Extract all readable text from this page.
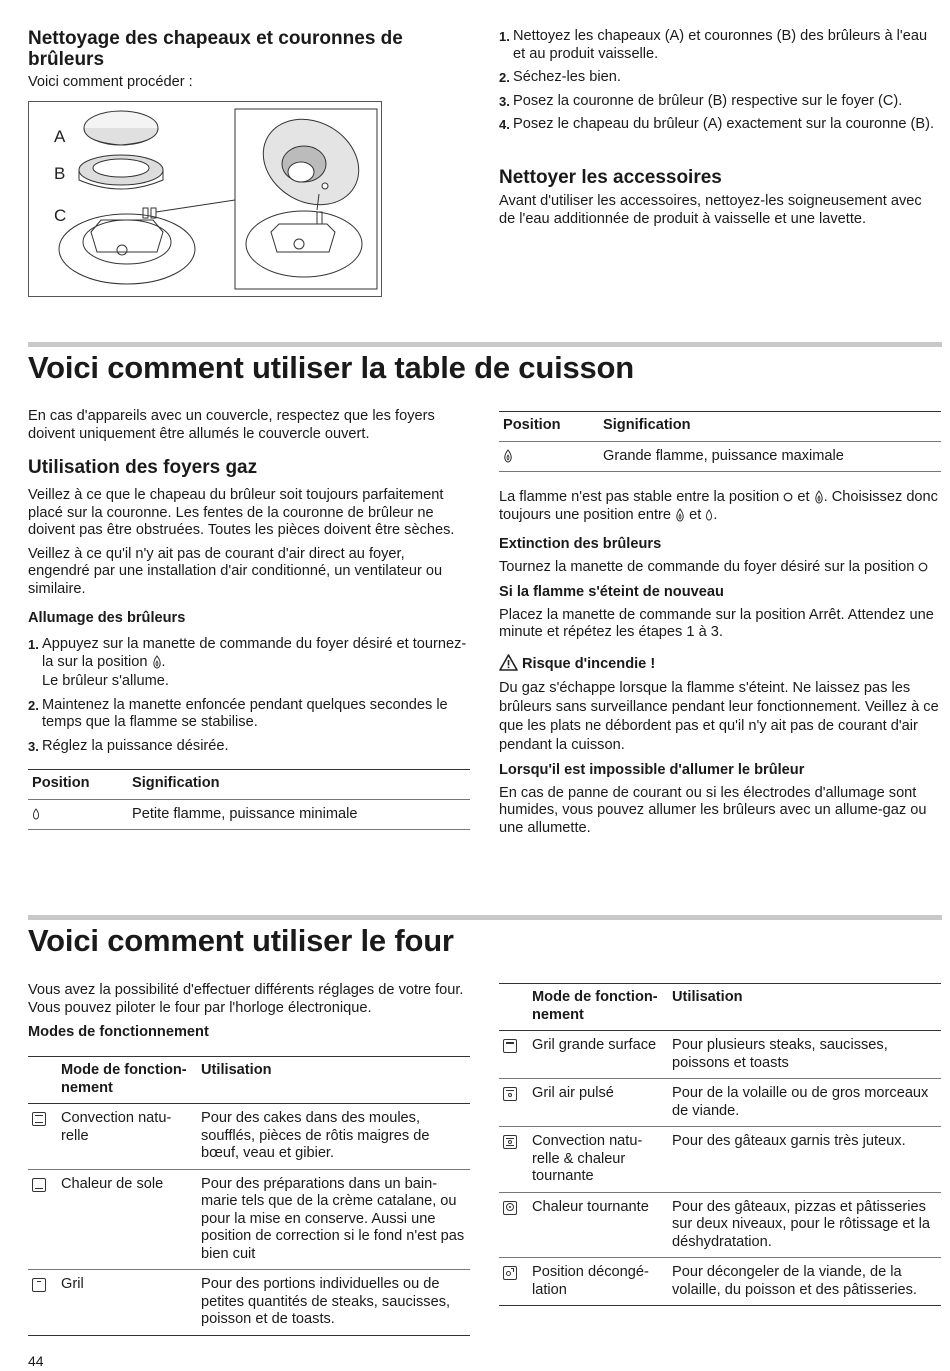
Nettoyage des chapeaux et couronnes de brûleurs
Voici comment procéder :
A
B
C
1. Nettoyez les chapeaux (A) et couronnes (B) des brûleurs à l'eau et au produit vaisselle.
2. Séchez-les bien.
3. Posez la couronne de brûleur (B) respective sur le foyer (C).
4. Posez le chapeau du brûleur (A) exactement sur la couronne (B).
Nettoyer les accessoires
Avant d'utiliser les accessoires, nettoyez-les soigneusement avec de l'eau additionnée de produit à vaisselle et une lavette.
Voici comment utiliser la table de cuisson

En cas d'appareils avec un couvercle, respectez que les foyers doivent uniquement être allumés le couvercle ouvert.

Utilisation des foyers gaz

Veillez à ce que le chapeau du brûleur soit toujours parfaitement placé sur la couronne. Les fentes de la couronne de brûleur ne doivent pas être obstruées. Toutes les pièces doivent être sèches.

Veillez à ce qu'il n'y ait pas de courant d'air direct au foyer, engendré par une installation d'air conditionné, un ventilateur ou similaire.

Allumage des brûleurs
1. Appuyez sur la manette de commande du foyer désiré et tournez-la sur la position .
Le brûleur s'allume.
2. Maintenez la manette enfoncée pendant quelques secondes le temps que la flamme se stabilise.
3. Réglez la puissance désirée.
Position	Signification
	Petite flamme, puissance minimale
Position	Signification
	Grande flamme, puissance maximale

La flamme n'est pas stable entre la position et . Choisissez donc toujours une position entre et .

Extinction des brûleurs

Tournez la manette de commande du foyer désiré sur la position

Si la flamme s'éteint de nouveau

Placez la manette de commande sur la position Arrêt. Attendez une minute et répétez les étapes 1 à 3.

Risque d'incendie !

Du gaz s'échappe lorsque la flamme s'éteint. Ne laissez pas les brûleurs sans surveillance pendant leur fonctionnement. Veillez à ce que les plats ne débordent pas et qu'il n'y ait pas de courant d'air pendant la cuisson.

Lorsqu'il est impossible d'allumer le brûleur

En cas de panne de courant ou si les électrodes d'allumage sont humides, vous pouvez allumer les brûleurs avec un allume-gaz ou une allumette.

Voici comment utiliser le four

Vous avez la possibilité d'effectuer différents réglages de votre four. Vous pouvez piloter le four par l'horloge électronique.

Modes de fonctionnement
	Mode de fonctionnement	Utilisation

	Convection naturelle	Pour des cakes dans des moules, soufflés, pièces de rôtis maigres de bœuf, veau et gibier.

	Chaleur de sole	Pour des préparations dans un bain-marie tels que de la crème catalane, ou pour la mise en conserve. Aussi une position de correction si le fond n'est pas bien cuit

	Gril	Pour des portions individuelles ou de petites quantités de steaks, saucisses, poisson et de toasts.
	Mode de fonctionnement	Utilisation

	Gril grande surface	Pour plusieurs steaks, saucisses, poissons et toasts

	Gril air pulsé	Pour de la volaille ou de gros morceaux de viande.

	Convection naturelle & chaleur tournante	Pour des gâteaux garnis très juteux.

	Chaleur tournante	Pour des gâteaux, pizzas et pâtisseries sur deux niveaux, pour le rôtissage et la déshydratation.

	Position décongélation	Pour décongeler de la viande, de la volaille, du poisson et des pâtisseries.
44
